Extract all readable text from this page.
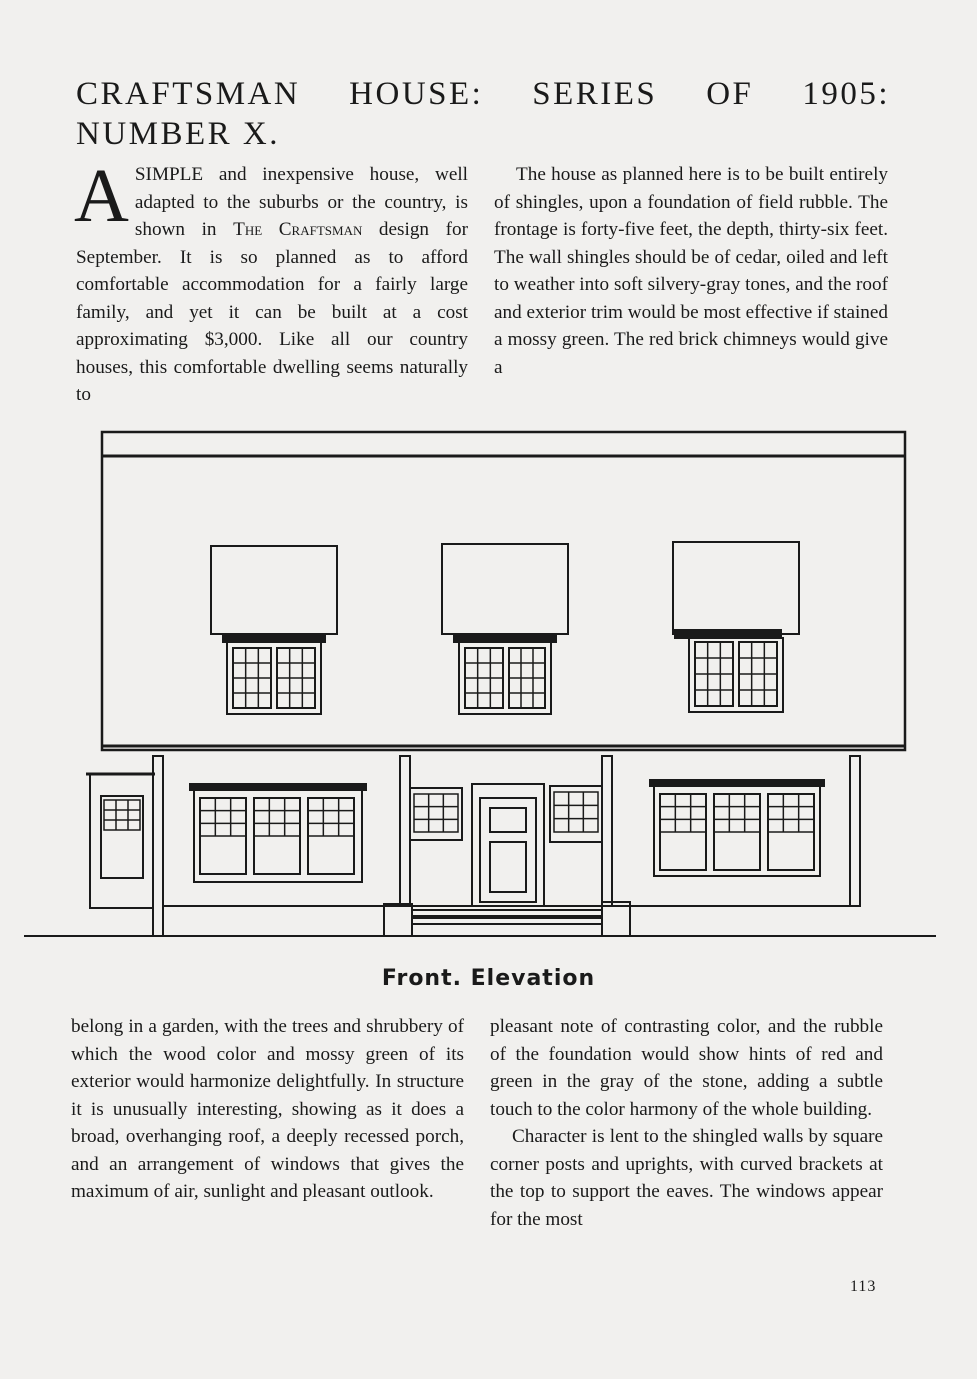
CRAFTSMAN HOUSE: SERIES OF 1905:
NUMBER X.

ASIMPLE and inexpensive house, well adapted to the suburbs or the country, is shown in The Craftsman design for September. It is so planned as to afford comfortable accommodation for a fairly large family, and yet it can be built at a cost approximating $3,000. Like all our country houses, this comfortable dwelling seems naturally to

The house as planned here is to be built entirely of shingles, upon a foundation of field rubble. The frontage is forty-five feet, the depth, thirty-six feet. The wall shingles should be of cedar, oiled and left to weather into soft silvery-gray tones, and the roof and exterior trim would be most effective if stained a mossy green. The red brick chimneys would give a

Front. Elevation

belong in a garden, with the trees and shrubbery of which the wood color and mossy green of its exterior would harmonize delightfully. In structure it is unusually interesting, showing as it does a broad, overhanging roof, a deeply recessed porch, and an arrangement of windows that gives the maximum of air, sunlight and pleasant outlook.

pleasant note of contrasting color, and the rubble of the foundation would show hints of red and green in the gray of the stone, adding a subtle touch to the color harmony of the whole building.

Character is lent to the shingled walls by square corner posts and uprights, with curved brackets at the top to support the eaves. The windows appear for the most

113
